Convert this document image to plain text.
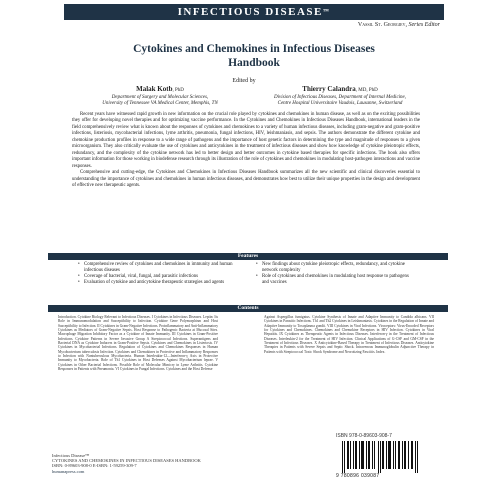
INFECTIOUS DISEASE™
Vassil St. Georgiev, Series Editor
Cytokines and Chemokines in Infectious Diseases
Handbook
Edited by
Malak Kotb, PhD
Department of Surgery and Molecular Sciences,
University of Tennessee VA Medical Center, Memphis, TN
Thierry Calandra, MD, PhD
Division of Infectious Diseases, Department of Internal Medicine,
Centre Hospital Universitaire Vaudois, Lausanne, Switzerland

Recent years have witnessed rapid growth in new information on the crucial role played by cytokines and chemokines in human disease, as well as on the exciting possibilities they offer for developing novel therapies and for optimizing vaccine performance. In the Cytokines and Chemokines in Infectious Diseases Handbook, international leaders in the field comprehensively review what is known about the responses of cytokines and chemokines to a variety of human infectious diseases, including gram-negative and gram-positive infections, listeriosis, mycobacterial infections, lyme arthritis, pneumonia, fungal infections, HIV, leishmaniasis, and sepsis. The authors demonstrate the different cytokine and chemokine production profiles in response to a wide range of pathogens and the importance of host genetic factors in determining the type and magnitude of responses to a given microorganism. They also critically evaluate the use of cytokines and anticytokines in the treatment of infectious diseases and show how knowledge of cytokine pleiotropic effects, redundancy, and the complexity of the cytokine network has led to better design and better outcomes in cytokine based therapies for specific infections. The book also offers important information for those working in biodefense research through its illustration of the role of cytokines and chemokines in modulating host-pathogen interactions and vaccine responses.

Comprehensive and cutting-edge, the Cytokines and Chemokines in Infectious Diseases Handbook summarizes all the new scientific and clinical discoveries essential to understanding the importance of cytokines and chemokines in human infectious diseases, and demonstrates how best to utilize their unique properties in the design and development of effective new therapeutic agents.

Features
• Comprehensive review of cytokines and chemokines in immunity and human infectious diseases
• Coverage of bacterial, viral, fungal, and parasitic infections
• Evaluation of cytokine and anticytokine therapeutic strategies and agents
• New findings about cytokine pleiotropic effects, redundancy, and cytokine network complexity
• Role of cytokines and chemokines in modulating host response to pathogens and vaccines
Contents
Introduction. Cytokine Biology Relevant to Infectious Diseases. I Cytokines in Infectious Diseases. Leptin: Its Role in Immunomodulation and Susceptibility to Infection. Cytokine Gene Polymorphism and Host Susceptibility to Infection. II Cytokines in Gram-Negative Infections. Proinflammatory and Anti-Inflammatory Cytokines as Mediators of Gram-Negative Sepsis. Host Response to Pathogenic Bacteria at Mucosal Sites. Macrophage Migration Inhibitory Factor as a Cytokine of Innate Immunity. III Cytokines in Gram-Positive Infections. Cytokine Patterns in Severe Invasive Group A Streptococcal Infections. Superantigens and Bacterial DNA as Cytokine Inducers in Gram-Positive Sepsis. Cytokines and Chemokines in Listeriosis. IV Cytokines in Mycobacterial Infections. Regulation of Cytokines and Chemokines Responses in Human Mycobacterium tuberculosis Infection. Cytokines and Chemokines in Protective and Inflammatory Responses to Infection with Nontuberculous Mycobacteria. Human Interleukin-12—Interferon-γ Axis in Protective Immunity to Mycobacteria. Role of Th1 Cytokines in Host Defenses Against Mycobacterium leprae. V Cytokines in Other Bacterial Infections. Possible Role of Molecular Mimicry in Lyme Arthritis. Cytokine Responses in Patients with Pneumonia. VI Cytokines in Fungal Infections. Cytokines and the Host Defense
Against Aspergillus fumigatus. Cytokine Synthesis of Innate and Adaptive Immunity to Candida albicans. VII Cytokines in Parasitic Infections. Th1 and Th2 Cytokines in Leishmaniasis. Cytokines in the Regulation of Innate and Adaptive Immunity to Toxoplasma gondii. VIII Cytokines in Viral Infections. Viroceptors: Virus-Encoded Receptors for Cytokines and Chemokines. Chemokines and Chemokine Receptors in HIV Infection. Cytokines in Viral Hepatitis. IX Cytokines as Therapeutic Agents in Infectious Diseases. Interferon-γ in the Treatment of Infectious Diseases. Interleukin-2 for the Treatment of HIV Infection. Clinical Applications of G-CSF and GM-CSF in the Treatment of Infectious Diseases. X Anticytokine-Based Therapy in Treatment of Infectious Diseases. Anticytokine Therapies in Patients with Severe Sepsis and Septic Shock. Intravenous Immunoglobulin Adjunctive Therapy in Patients with Streptococcal Toxic Shock Syndrome and Necrotizing Fasciitis. Index.
Infectious Disease™
CYTOKINES AND CHEMOKINES IN INFECTIOUS DISEASES HANDBOOK
ISBN: 0-89603-908-0 E-ISBN: 1-59259-309-7
humanapress.com
ISBN 978-0-89603-908-7
9 780896 039087
